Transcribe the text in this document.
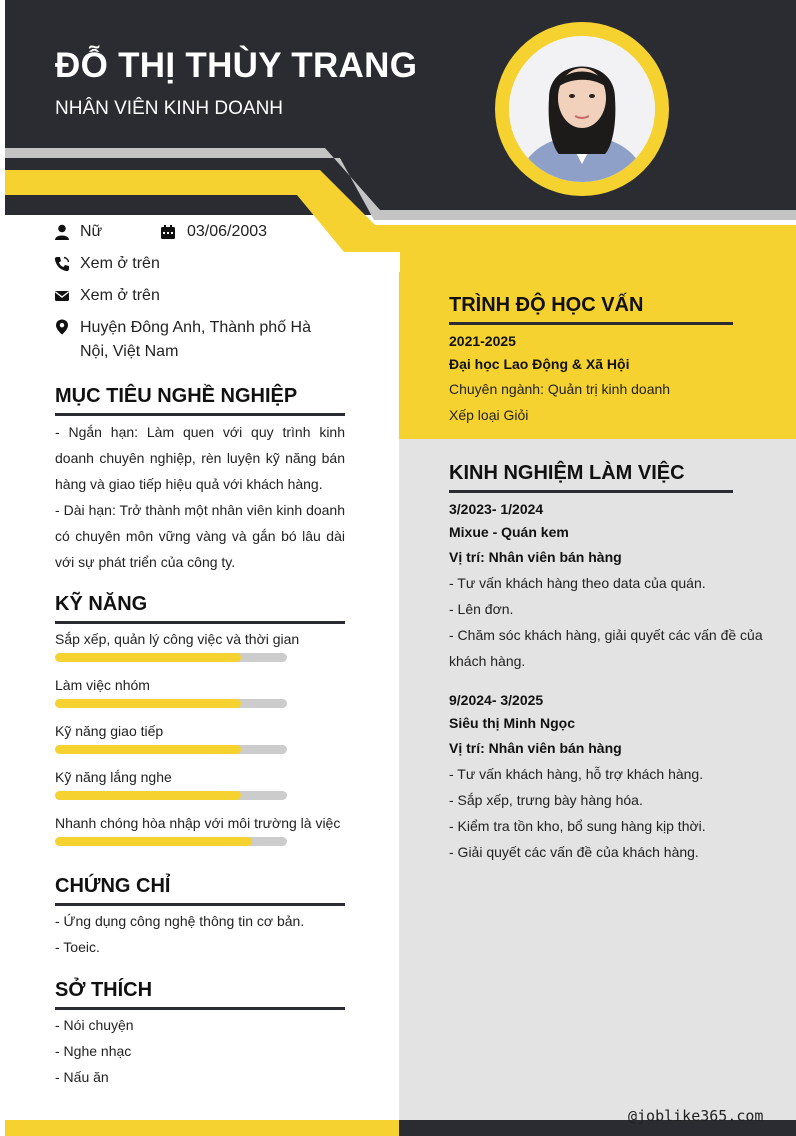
ĐỖ THỊ THÙY TRANG
NHÂN VIÊN KINH DOANH
Nữ	03/06/2003
Xem ở trên
Xem ở trên
Huyện Đông Anh, Thành phố Hà
Nội, Việt Nam
MỤC TIÊU NGHỀ NGHIỆP
- Ngắn hạn: Làm quen với quy trình kinh doanh chuyên nghiệp, rèn luyện kỹ năng bán hàng và giao tiếp hiệu quả với khách hàng.
- Dài hạn: Trở thành một nhân viên kinh doanh có chuyên môn vững vàng và gắn bó lâu dài với sự phát triển của công ty.
KỸ NĂNG
Sắp xếp, quản lý công việc và thời gian
Làm việc nhóm
Kỹ năng giao tiếp
Kỹ năng lắng nghe
Nhanh chóng hòa nhập với môi trường là việc
CHỨNG CHỈ
- Ứng dụng công nghệ thông tin cơ bản.
- Toeic.
SỞ THÍCH
- Nói chuyện
- Nghe nhạc
- Nấu ăn
TRÌNH ĐỘ HỌC VẤN
2021-2025
Đại học Lao Động & Xã Hội
Chuyên ngành: Quản trị kinh doanh
Xếp loại Giỏi
KINH NGHIỆM LÀM VIỆC
3/2023- 1/2024
Mixue - Quán kem
Vị trí: Nhân viên bán hàng
- Tư vấn khách hàng theo data của quán.
- Lên đơn.
- Chăm sóc khách hàng, giải quyết các vấn đề của
khách hàng.
9/2024- 3/2025
Siêu thị Minh Ngọc
Vị trí: Nhân viên bán hàng
- Tư vấn khách hàng, hỗ trợ khách hàng.
- Sắp xếp, trưng bày hàng hóa.
- Kiểm tra tồn kho, bổ sung hàng kịp thời.
- Giải quyết các vấn đề của khách hàng.
@joblike365.com
